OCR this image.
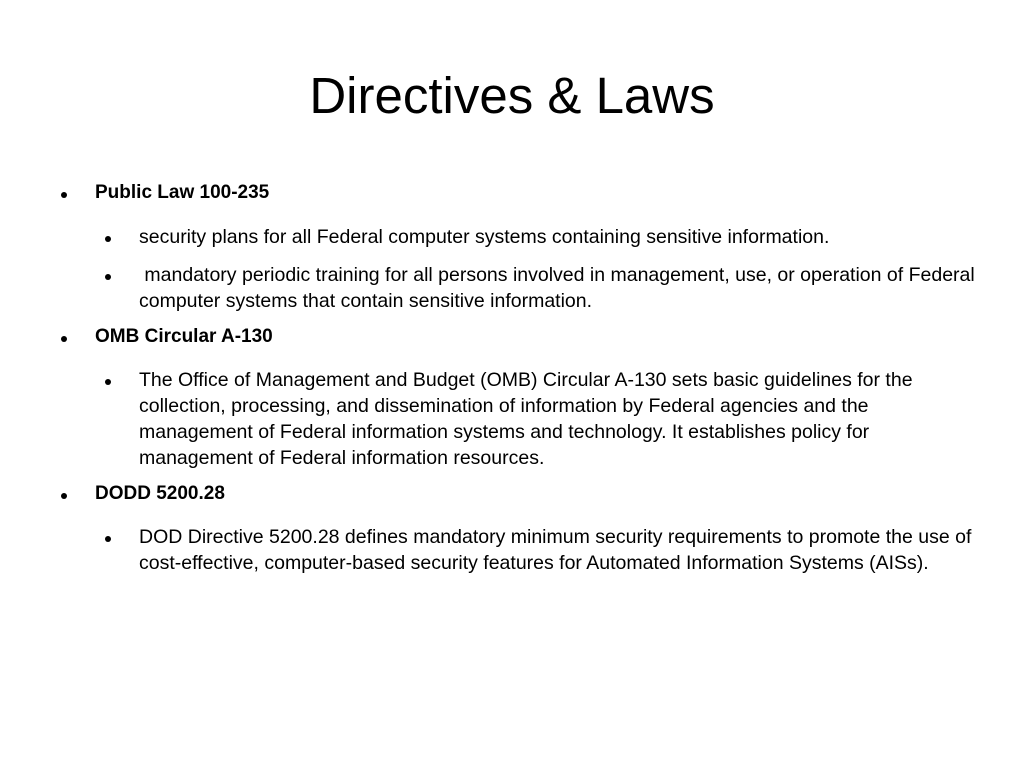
Directives & Laws

Public Law 100-235

security plans for all Federal computer systems containing sensitive information.

mandatory periodic training for all persons involved in management, use, or operation of Federal computer systems that contain sensitive information.

OMB Circular A-130

The Office of Management and Budget (OMB) Circular A-130 sets basic guidelines for the collection, processing, and dissemination of information by Federal agencies and the management of Federal information systems and technology. It establishes policy for management of Federal information resources.

DODD 5200.28

DOD Directive 5200.28 defines mandatory minimum security requirements to promote the use of cost-effective, computer-based security features for Automated Information Systems (AISs).
